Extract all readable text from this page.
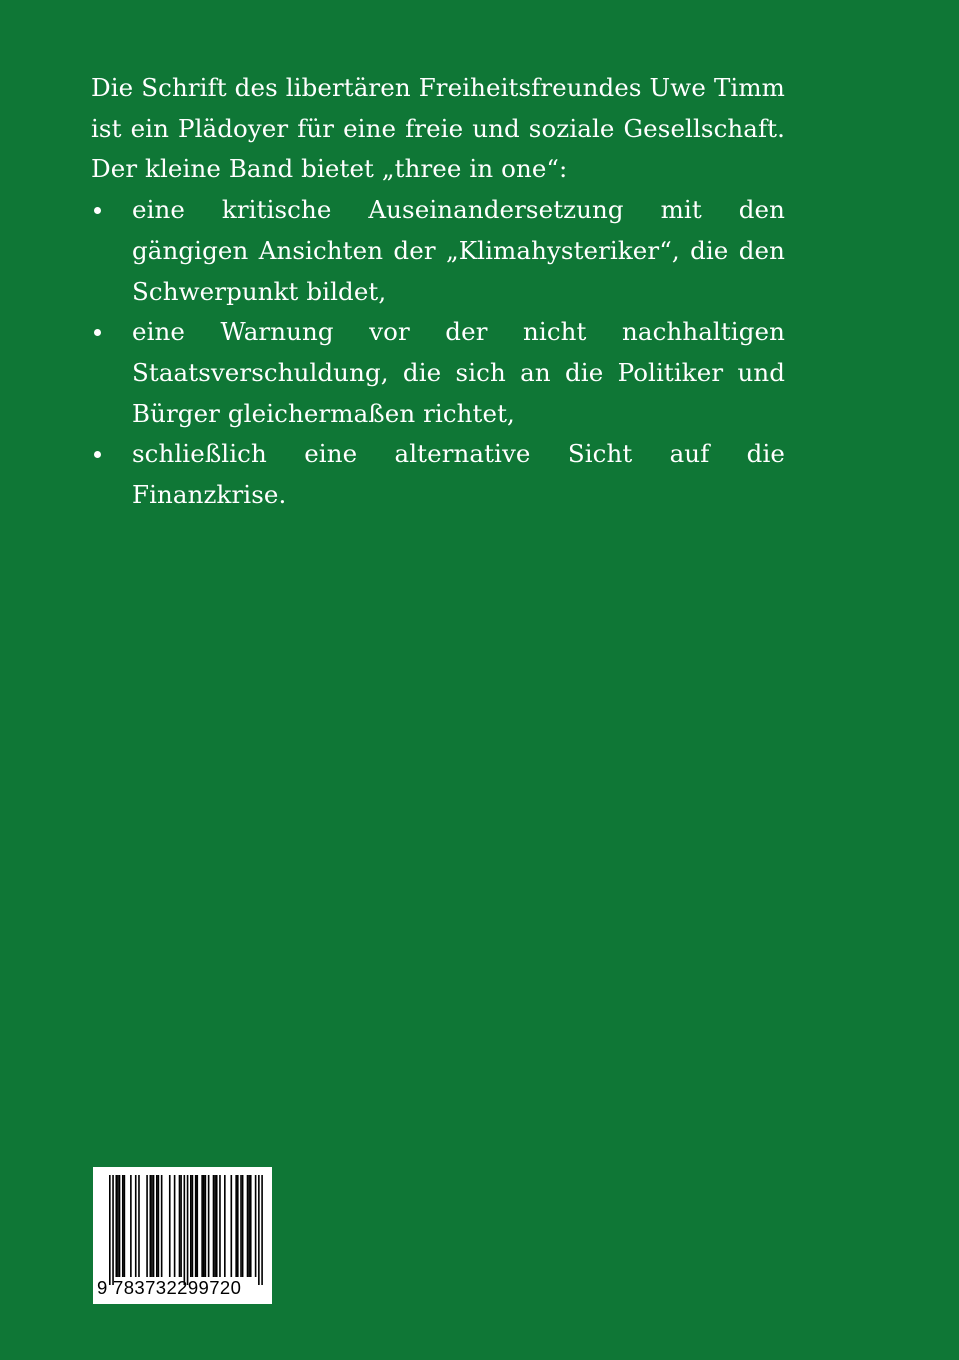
Die Schrift des libertären Freiheitsfreundes Uwe Timm ist ein Plädoyer für eine freie und soziale Gesellschaft. Der kleine Band bietet „three in one“:

eine kritische Auseinandersetzung mit den gängigen Ansichten der „Klimahysteriker“, die den Schwerpunkt bildet,
eine Warnung vor der nicht nachhaltigen Staatsverschuldung, die sich an die Politiker und Bürger gleichermaßen richtet,
schließlich eine alternative Sicht auf die Finanzkrise.
9 783732299720
